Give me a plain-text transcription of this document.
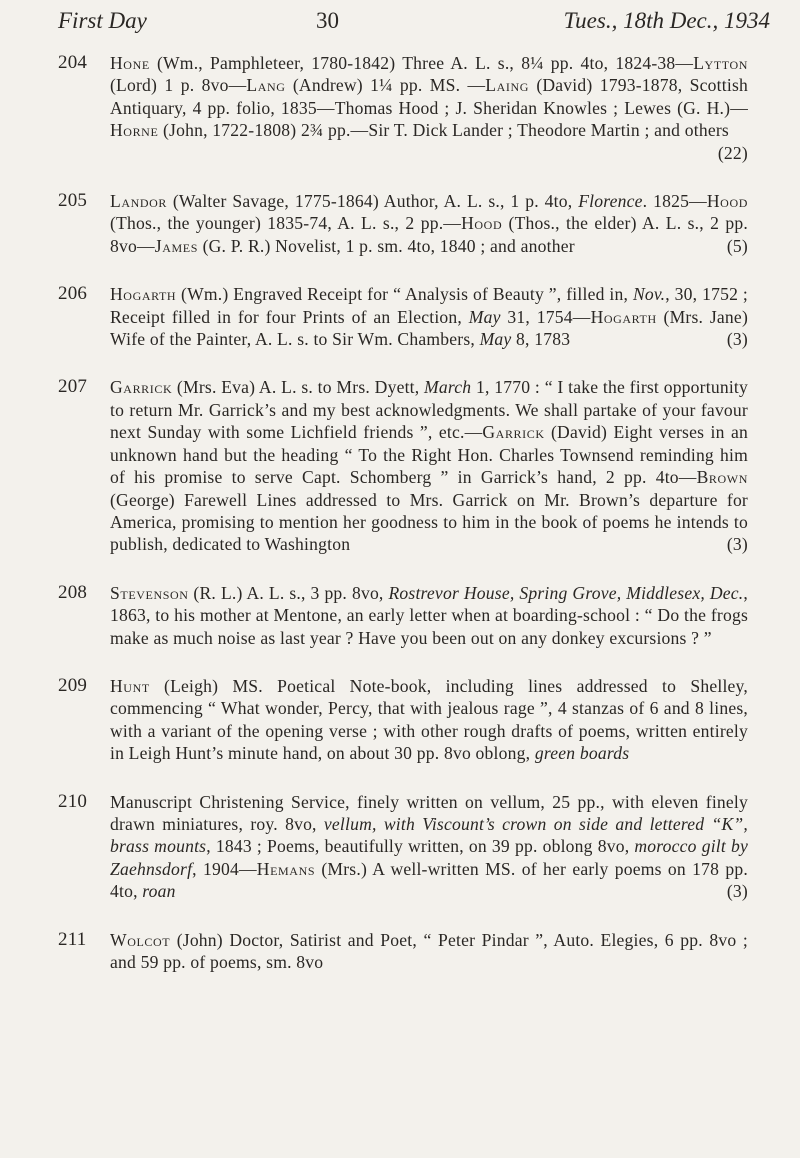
First Day	30	Tues., 18th Dec., 1934
204 Hone (Wm., Pamphleteer, 1780-1842) Three A. L. s., 8¼ pp. 4to, 1824-38—Lytton (Lord) 1 p. 8vo—Lang (Andrew) 1¼ pp. MS. —Laing (David) 1793-1878, Scottish Antiquary, 4 pp. folio, 1835—Thomas Hood ; J. Sheridan Knowles ; Lewes (G. H.)—Horne (John, 1722-1808) 2¾ pp.—Sir T. Dick Lander ; Theodore Martin ; and others
(22)
205 Landor (Walter Savage, 1775-1864) Author, A. L. s., 1 p. 4to, Florence. 1825—Hood (Thos., the younger) 1835-74, A. L. s., 2 pp.—Hood (Thos., the elder) A. L. s., 2 pp. 8vo—James (G. P. R.) Novelist, 1 p. sm. 4to, 1840 ; and another	(5)
206 Hogarth (Wm.) Engraved Receipt for “ Analysis of Beauty ”, filled in, Nov., 30, 1752 ; Receipt filled in for four Prints of an Election, May 31, 1754—Hogarth (Mrs. Jane) Wife of the Painter, A. L. s. to Sir Wm. Chambers, May 8, 1783	(3)
207 Garrick (Mrs. Eva) A. L. s. to Mrs. Dyett, March 1, 1770 : “ I take the first opportunity to return Mr. Garrick’s and my best acknowledgments. We shall partake of your favour next Sunday with some Lichfield friends ”, etc.—Garrick (David) Eight verses in an unknown hand but the heading “ To the Right Hon. Charles Townsend reminding him of his promise to serve Capt. Schomberg ” in Garrick’s hand, 2 pp. 4to—Brown (George) Farewell Lines addressed to Mrs. Garrick on Mr. Brown’s departure for America, promising to mention her goodness to him in the book of poems he intends to publish, dedicated to Washington	(3)
208 Stevenson (R. L.) A. L. s., 3 pp. 8vo, Rostrevor House, Spring Grove, Middlesex, Dec., 1863, to his mother at Mentone, an early letter when at boarding-school : “ Do the frogs make as much noise as last year ? Have you been out on any donkey excursions ? ”
209 Hunt (Leigh) MS. Poetical Note-book, including lines addressed to Shelley, commencing “ What wonder, Percy, that with jealous rage ”, 4 stanzas of 6 and 8 lines, with a variant of the opening verse ; with other rough drafts of poems, written entirely in Leigh Hunt’s minute hand, on about 30 pp. 8vo oblong, green boards
210 Manuscript Christening Service, finely written on vellum, 25 pp., with eleven finely drawn miniatures, roy. 8vo, vellum, with Viscount’s crown on side and lettered “K”, brass mounts, 1843 ; Poems, beautifully written, on 39 pp. oblong 8vo, morocco gilt by Zaehnsdorf, 1904—Hemans (Mrs.) A well-written MS. of her early poems on 178 pp. 4to, roan	(3)
211 Wolcot (John) Doctor, Satirist and Poet, “ Peter Pindar ”, Auto. Elegies, 6 pp. 8vo ; and 59 pp. of poems, sm. 8vo
